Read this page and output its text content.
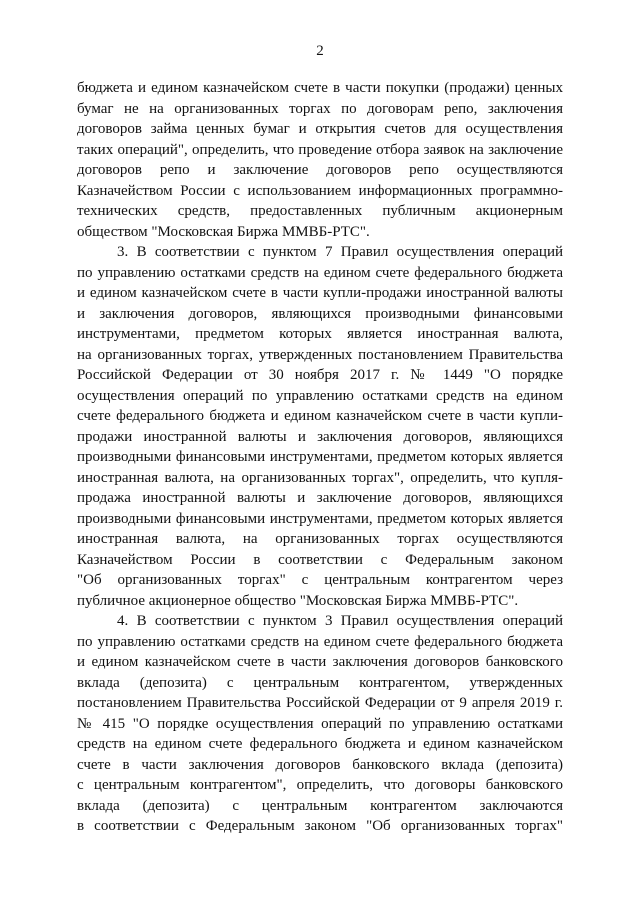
2
бюджета и едином казначейском счете в части покупки (продажи) ценных
бумаг не на организованных торгах по договорам репо, заключения
договоров займа ценных бумаг и открытия счетов для осуществления
таких операций", определить, что проведение отбора заявок на заключение
договоров репо и заключение договоров репо осуществляются
Казначейством России с использованием информационных программно-
технических средств, предоставленных публичным акционерным
обществом "Московская Биржа ММВБ-РТС".
3. В соответствии с пунктом 7 Правил осуществления операций
по управлению остатками средств на едином счете федерального бюджета
и едином казначейском счете в части купли-продажи иностранной валюты
и заключения договоров, являющихся производными финансовыми
инструментами, предметом которых является иностранная валюта,
на организованных торгах, утвержденных постановлением Правительства
Российской Федерации от 30 ноября 2017 г. № 1449 "О порядке
осуществления операций по управлению остатками средств на едином
счете федерального бюджета и едином казначейском счете в части купли-
продажи иностранной валюты и заключения договоров, являющихся
производными финансовыми инструментами, предметом которых является
иностранная валюта, на организованных торгах", определить, что купля-
продажа иностранной валюты и заключение договоров, являющихся
производными финансовыми инструментами, предметом которых является
иностранная валюта, на организованных торгах осуществляются
Казначейством России в соответствии с Федеральным законом
"Об организованных торгах" с центральным контрагентом через
публичное акционерное общество "Московская Биржа ММВБ-РТС".
4. В соответствии с пунктом 3 Правил осуществления операций
по управлению остатками средств на едином счете федерального бюджета
и едином казначейском счете в части заключения договоров банковского
вклада (депозита) с центральным контрагентом, утвержденных
постановлением Правительства Российской Федерации от 9 апреля 2019 г.
№ 415 "О порядке осуществления операций по управлению остатками
средств на едином счете федерального бюджета и едином казначейском
счете в части заключения договоров банковского вклада (депозита)
с центральным контрагентом", определить, что договоры банковского
вклада (депозита) с центральным контрагентом заключаются
в соответствии с Федеральным законом "Об организованных торгах"
